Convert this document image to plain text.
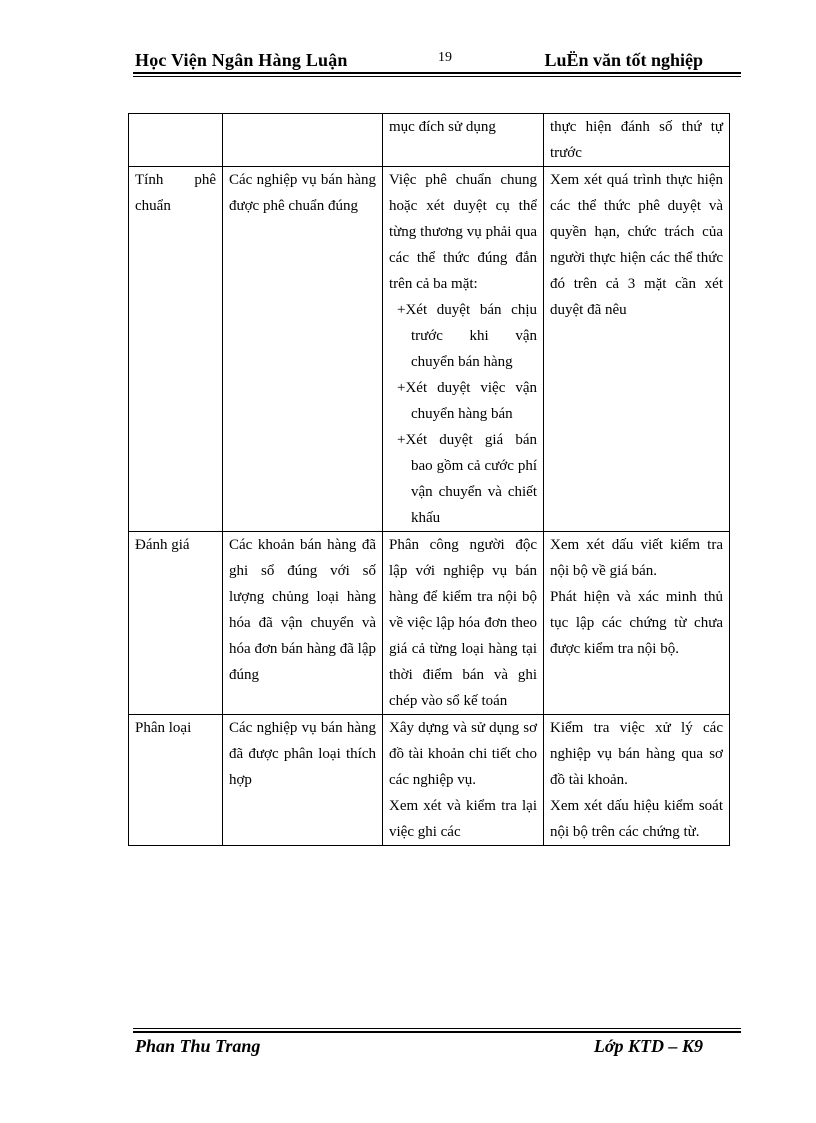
Học Viện Ngân Hàng Luận	19	LuËn văn tốt nghiệp

		mục đích sử dụng	thực hiện đánh số thứ tự trước

Tính phê chuẩn	Các nghiệp vụ bán hàng được phê chuẩn đúng	Việc phê chuẩn chung hoặc xét duyệt cụ thể từng thương vụ phải qua các thể thức đúng đắn trên cả ba mặt:
+Xét duyệt bán chịu trước khi vận chuyển bán hàng
+Xét duyệt việc vận chuyển hàng bán
+Xét duyệt giá bán bao gồm cả cước phí vận chuyển và chiết khấu	Xem xét quá trình thực hiện các thể thức phê duyệt và quyền hạn, chức trách của người thực hiện các thể thức đó trên cả 3 mặt cần xét duyệt đã nêu

Đánh giá	Các khoản bán hàng đã ghi sổ đúng với số lượng chủng loại hàng hóa đã vận chuyển và hóa đơn bán hàng đã lập đúng	Phân công người độc lập với nghiệp vụ bán hàng để kiểm tra nội bộ về việc lập hóa đơn theo giá cả từng loại hàng tại thời điểm bán và ghi chép vào sổ kế toán	Xem xét dấu viết kiểm tra nội bộ về giá bán.
Phát hiện và xác minh thủ tục lập các chứng từ chưa được kiểm tra nội bộ.

Phân loại	Các nghiệp vụ bán hàng đã được phân loại thích hợp	Xây dựng và sử dụng sơ đồ tài khoản chi tiết cho các nghiệp vụ.
Xem xét và kiểm tra lại việc ghi các	Kiểm tra việc xử lý các nghiệp vụ bán hàng qua sơ đồ tài khoản.
Xem xét dấu hiệu kiểm soát nội bộ trên các chứng từ.
Phan Thu Trang	Lớp KTD – K9
